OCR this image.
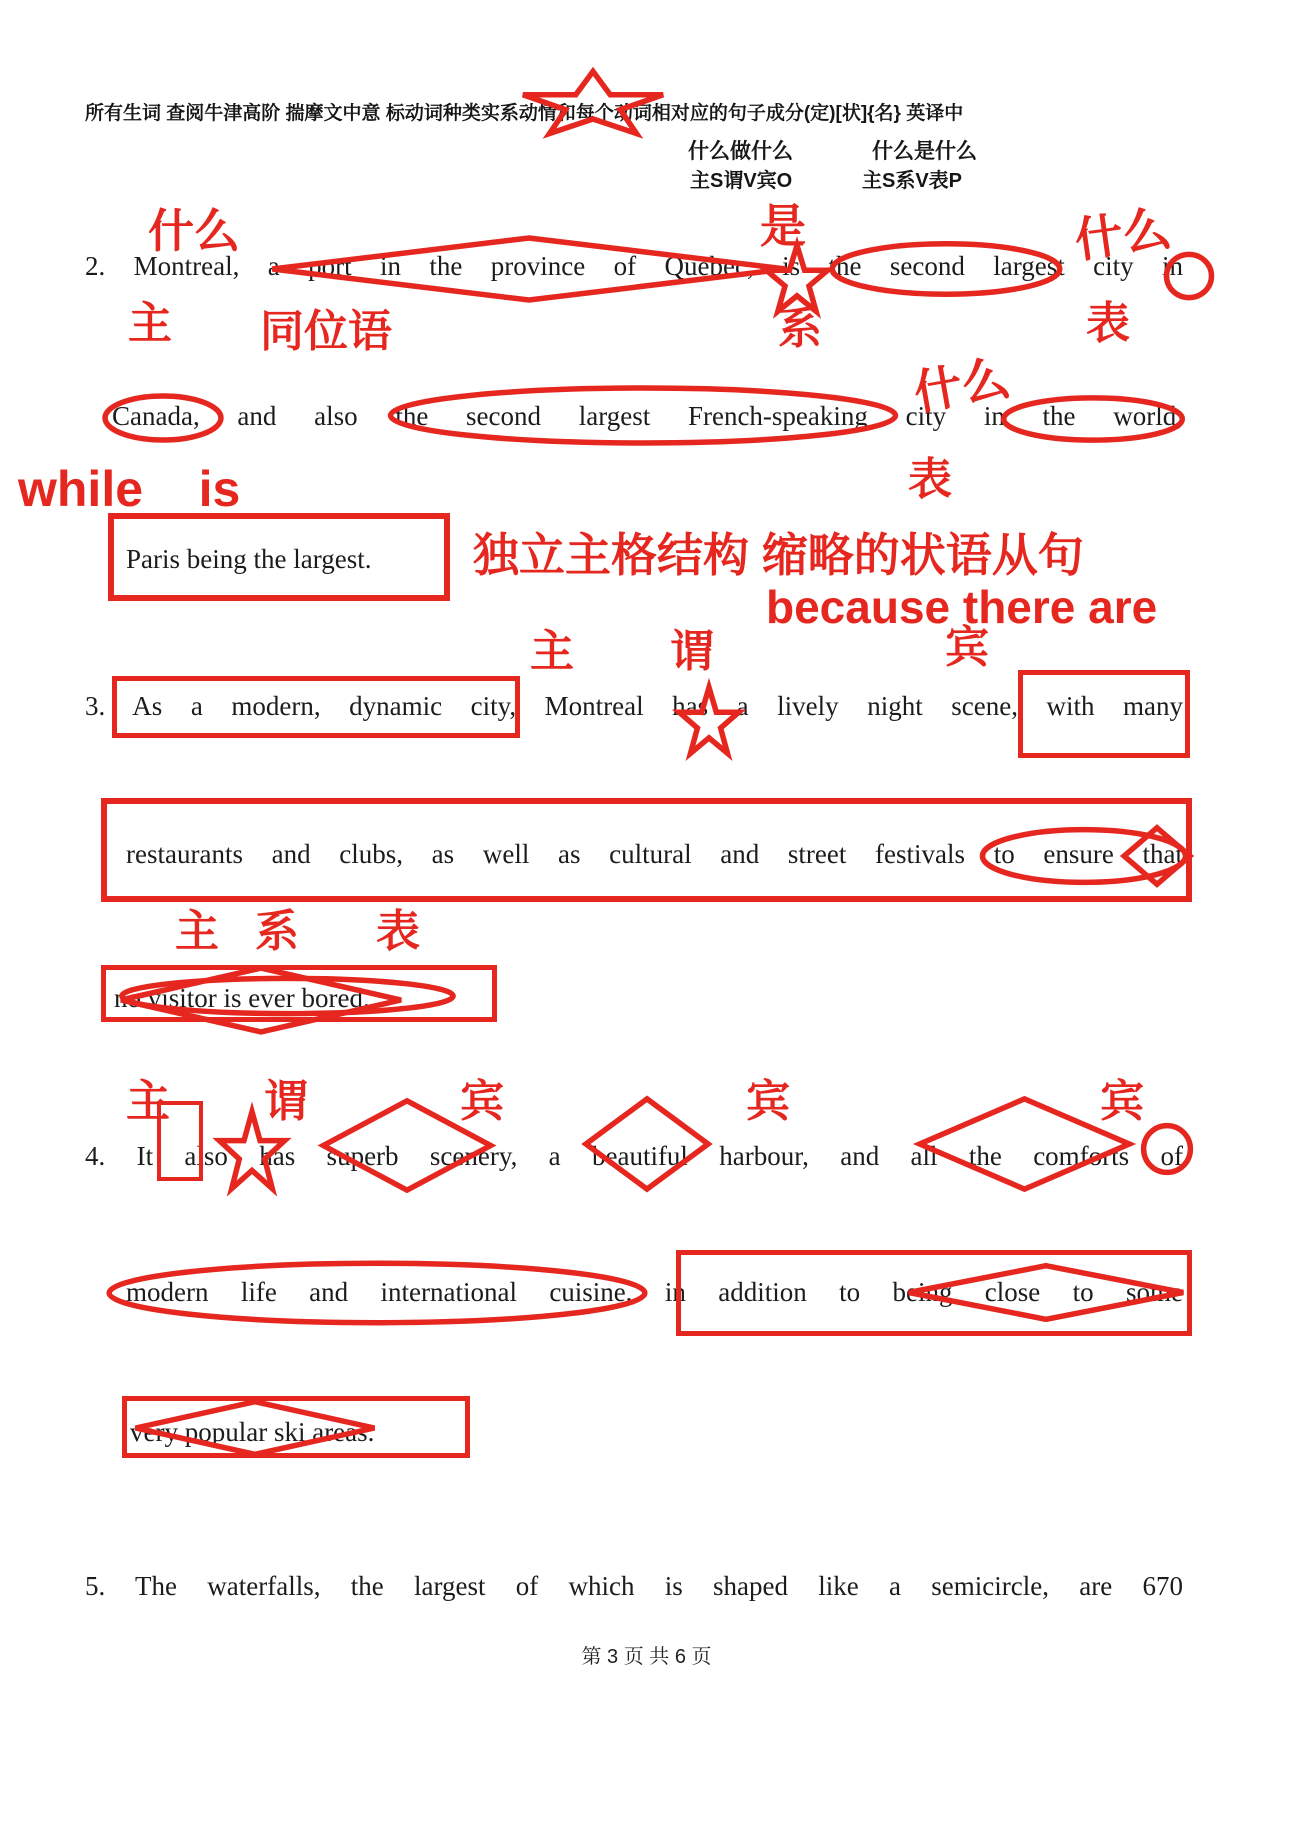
所有生词 查阅牛津高阶 揣摩文中意 标动词种类实系动情和每个动词相对应的句子成分(定)[状]{名} 英译中
什么做什么	什么是什么
主S谓V宾O	主S系V表P
2. Montreal, a port in the province of Quebec, is the second largest city in
Canada, and also the second largest French-speaking city in the world,
Paris being the largest.
3. As a modern, dynamic city, Montreal has a lively night scene, with many
restaurants and clubs, as well as cultural and street festivals to ensure that
no visitor is ever bored.
4. It also has superb scenery, a beautiful harbour, and all the comforts of
modern life and international cuisine, in addition to being close to some
very popular ski areas.
5. The waterfalls, the largest of which is shaped like a semicircle, are 670
什么	是	什么
主 同位语	系	表
什么
表
while    is
独立主格结构 缩略的状语从句
because there are
主 谓	宾
主 系 表
主 谓	宾	宾	宾
第 3 页 共 6 页
